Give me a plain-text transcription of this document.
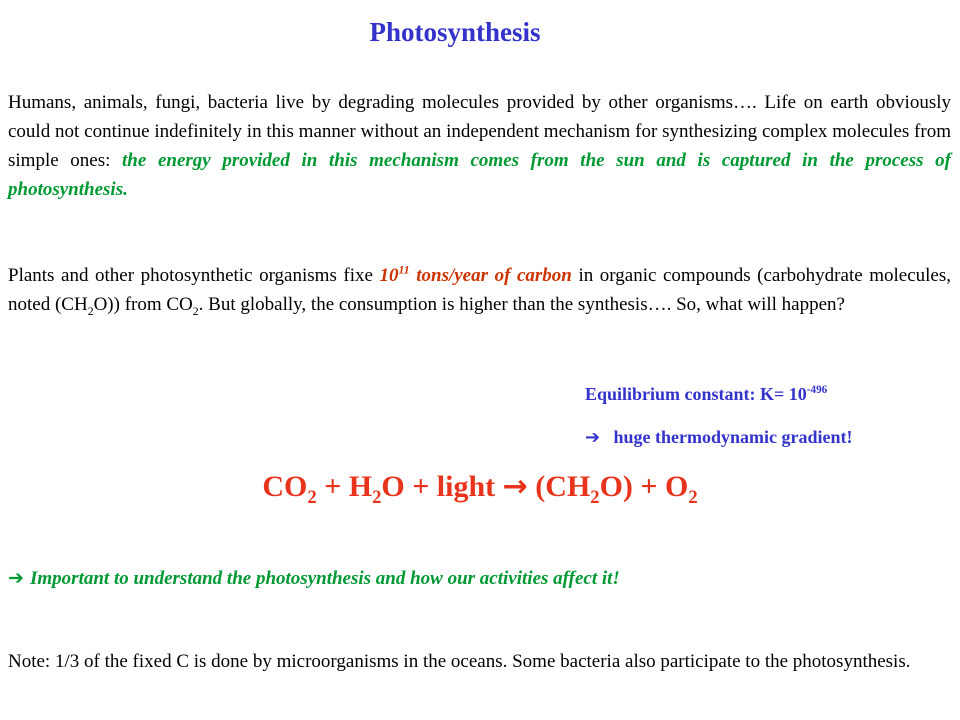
Photosynthesis
Humans, animals, fungi, bacteria live by degrading molecules provided by other organisms…. Life on earth obviously could not continue indefinitely in this manner without an independent mechanism for synthesizing complex molecules from simple ones: the energy provided in this mechanism comes from the sun and is captured in the process of photosynthesis.
Plants and other photosynthetic organisms fixe $10^{11}$ tons/year of carbon in organic compounds (carbohydrate molecules, noted $(CH_2O)$) from $CO_2$. But globally, the consumption is higher than the synthesis…. So, what will happen?
Equilibrium constant: $K= 10^{-496}$
➔ huge thermodynamic gradient!
$CO_2 + H_2O$ + light → $(CH_2O) + O_2$
➔ Important to understand the photosynthesis and how our activities affect it!
Note: 1/3 of the fixed C is done by microorganisms in the oceans. Some bacteria also participate to the photosynthesis.
